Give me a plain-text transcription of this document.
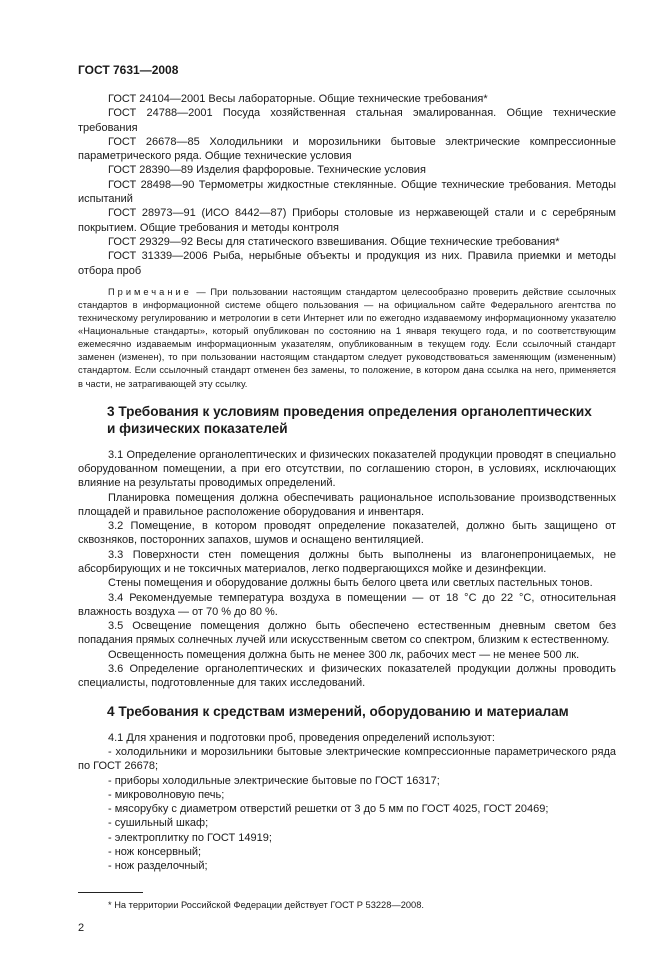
ГОСТ 7631—2008

ГОСТ 24104—2001 Весы лабораторные. Общие технические требования*

ГОСТ 24788—2001 Посуда хозяйственная стальная эмалированная. Общие технические требования

ГОСТ 26678—85 Холодильники и морозильники бытовые электрические компрессионные параметрического ряда. Общие технические условия

ГОСТ 28390—89 Изделия фарфоровые. Технические условия

ГОСТ 28498—90 Термометры жидкостные стеклянные. Общие технические требования. Методы испытаний

ГОСТ 28973—91 (ИСО 8442—87) Приборы столовые из нержавеющей стали и с серебряным покрытием. Общие требования и методы контроля

ГОСТ 29329—92 Весы для статического взвешивания. Общие технические требования*

ГОСТ 31339—2006 Рыба, нерыбные объекты и продукция из них. Правила приемки и методы отбора проб

Примечание — При пользовании настоящим стандартом целесообразно проверить действие ссылочных стандартов в информационной системе общего пользования — на официальном сайте Федерального агентства по техническому регулированию и метрологии в сети Интернет или по ежегодно издаваемому информационному указателю «Национальные стандарты», который опубликован по состоянию на 1 января текущего года, и по соответствующим ежемесячно издаваемым информационным указателям, опубликованным в текущем году. Если ссылочный стандарт заменен (изменен), то при пользовании настоящим стандартом следует руководствоваться заменяющим (измененным) стандартом. Если ссылочный стандарт отменен без замены, то положение, в котором дана ссылка на него, применяется в части, не затрагивающей эту ссылку.

3 Требования к условиям проведения определения органолептических
и физических показателей

3.1 Определение органолептических и физических показателей продукции проводят в специально оборудованном помещении, а при его отсутствии, по соглашению сторон, в условиях, исключающих влияние на результаты проводимых определений.

Планировка помещения должна обеспечивать рациональное использование производственных площадей и правильное расположение оборудования и инвентаря.

3.2 Помещение, в котором проводят определение показателей, должно быть защищено от сквозняков, посторонних запахов, шумов и оснащено вентиляцией.

3.3 Поверхности стен помещения должны быть выполнены из влагонепроницаемых, не абсорбирующих и не токсичных материалов, легко подвергающихся мойке и дезинфекции.

Стены помещения и оборудование должны быть белого цвета или светлых пастельных тонов.

3.4 Рекомендуемые температура воздуха в помещении — от 18 °С до 22 °С, относительная влажность воздуха — от 70 % до 80 %.

3.5 Освещение помещения должно быть обеспечено естественным дневным светом без попадания прямых солнечных лучей или искусственным светом со спектром, близким к естественному.

Освещенность помещения должна быть не менее 300 лк, рабочих мест — не менее 500 лк.

3.6 Определение органолептических и физических показателей продукции должны проводить специалисты, подготовленные для таких исследований.

4 Требования к средствам измерений, оборудованию и материалам

4.1 Для хранения и подготовки проб, проведения определений используют:

- холодильники и морозильники бытовые электрические компрессионные параметрического ряда по ГОСТ 26678;

- приборы холодильные электрические бытовые по ГОСТ 16317;

- микроволновую печь;

- мясорубку с диаметром отверстий решетки от 3 до 5 мм по ГОСТ 4025, ГОСТ 20469;

- сушильный шкаф;

- электроплитку по ГОСТ 14919;

- нож консервный;

- нож разделочный;

* На территории Российской Федерации действует ГОСТ Р 53228—2008.
2
